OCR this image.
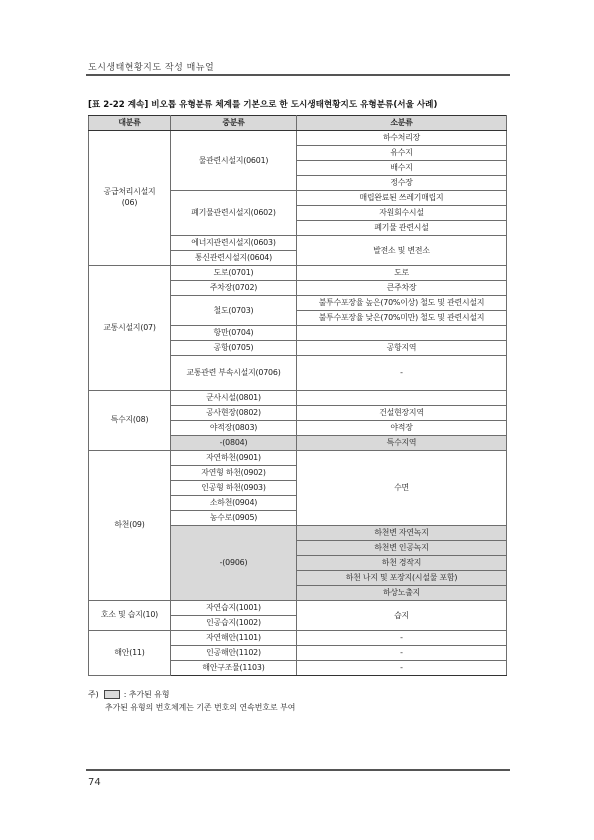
도시생태현황지도 작성 매뉴얼
[표 2-22 계속] 비오톱 유형분류 체계를 기본으로 한 도시생태현황지도 유형분류(서울 사례)
대분류	중분류	소분류
공급처리시설지
(06)	물관련시설지(0601)	하수처리장
		유수지
		배수지
		정수장
	폐기물관련시설지(0602)	매립완료된 쓰레기매립지
		자원회수시설
		폐기물 관련시설
	에너지관련시설지(0603)	발전소 및 변전소
	통신관련시설지(0604)	
교통시설지(07)	도로(0701)	도로
	주차장(0702)	큰주차장
	철도(0703)	불투수포장율 높은(70%이상) 철도 및 관련시설지
		불투수포장율 낮은(70%미만) 철도 및 관련시설지
	항만(0704)	
	공항(0705)	공항지역
	교통관련 부속시설지(0706)	-
특수지(08)	군사시설(0801)	
	공사현장(0802)	건설현장지역
	야적장(0803)	야적장
	-(0804)	특수지역
하천(09)	자연하천(0901)	수면
	자연형 하천(0902)	
	인공형 하천(0903)	
	소하천(0904)	
	농수로(0905)	
	-(0906)	하천변 자연녹지
		하천변 인공녹지
		하천 경작지
		하천 나지 및 포장지(시설물 포함)
		하상노출지
호소 및 습지(10)	자연습지(1001)	습지
	인공습지(1002)	
해안(11)	자연해안(1101)	-
	인공해안(1102)	-
	해안구조물(1103)	-
주)	: 추가된 유형
추가된 유형의 번호체계는 기존 번호의 연속번호로 부여
74
